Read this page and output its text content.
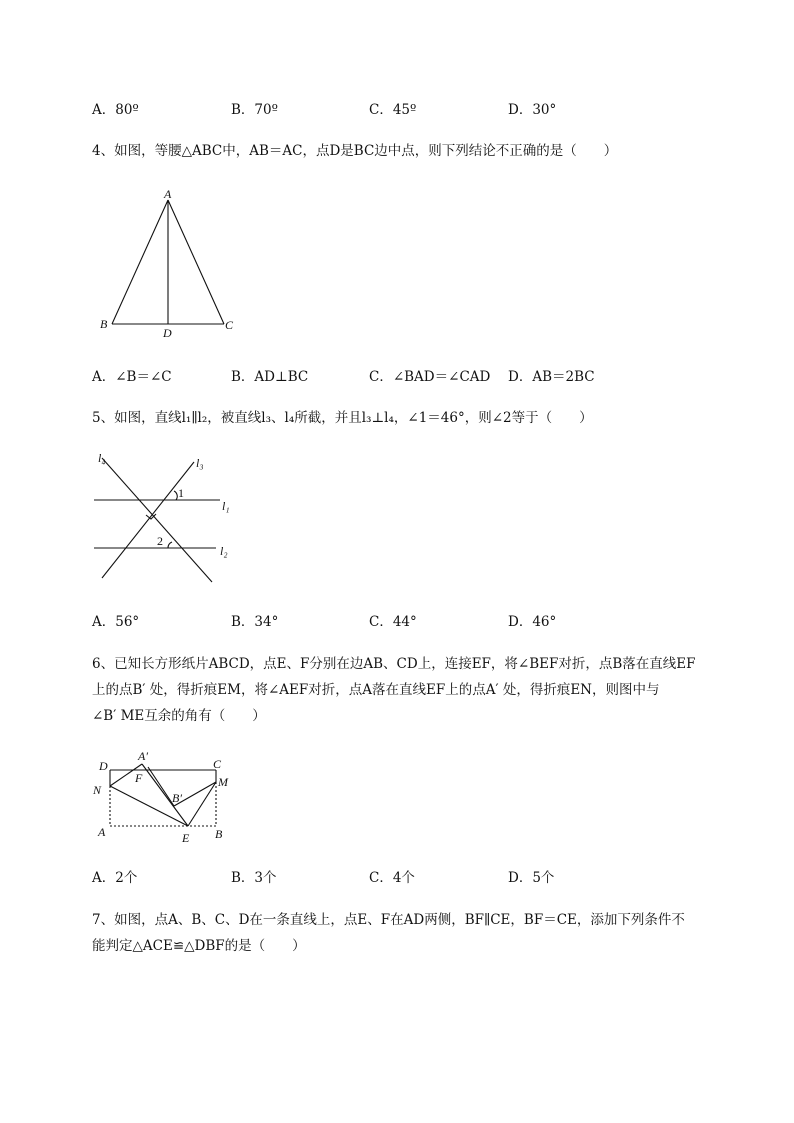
A．80º	B．70º	C．45º	D．30°
4、如图，等腰△ABC中，AB＝AC，点D是BC边中点，则下列结论不正确的是（　　）
A
B	C
D
A．∠B＝∠C	B．AD⊥BC	C．∠BAD＝∠CAD D．AB＝2BC
5、如图，直线l₁∥l₂，被直线l₃、l₄所截，并且l₃⊥l₄，∠1＝46°，则∠2等于（　　）
l₄	l₃
l₁
l₂
1
2
A．56°	B．34°	C．44°	D．46°
6、已知长方形纸片ABCD，点E、F分别在边AB、CD上，连接EF，将∠BEF对折，点B落在直线EF
上的点B′ 处，得折痕EM，将∠AEF对折，点A落在直线EF上的点A′ 处，得折痕EN，则图中与
∠B′ ME互余的角有（　　）
D	C
A′
F	M
N
B′
A	B
E
A．2个	B．3个	C．4个	D．5个
7、如图，点A、B、C、D在一条直线上，点E、F在AD两侧，BF∥CE，BF＝CE，添加下列条件不
能判定△ACE≌△DBF的是（　　）
